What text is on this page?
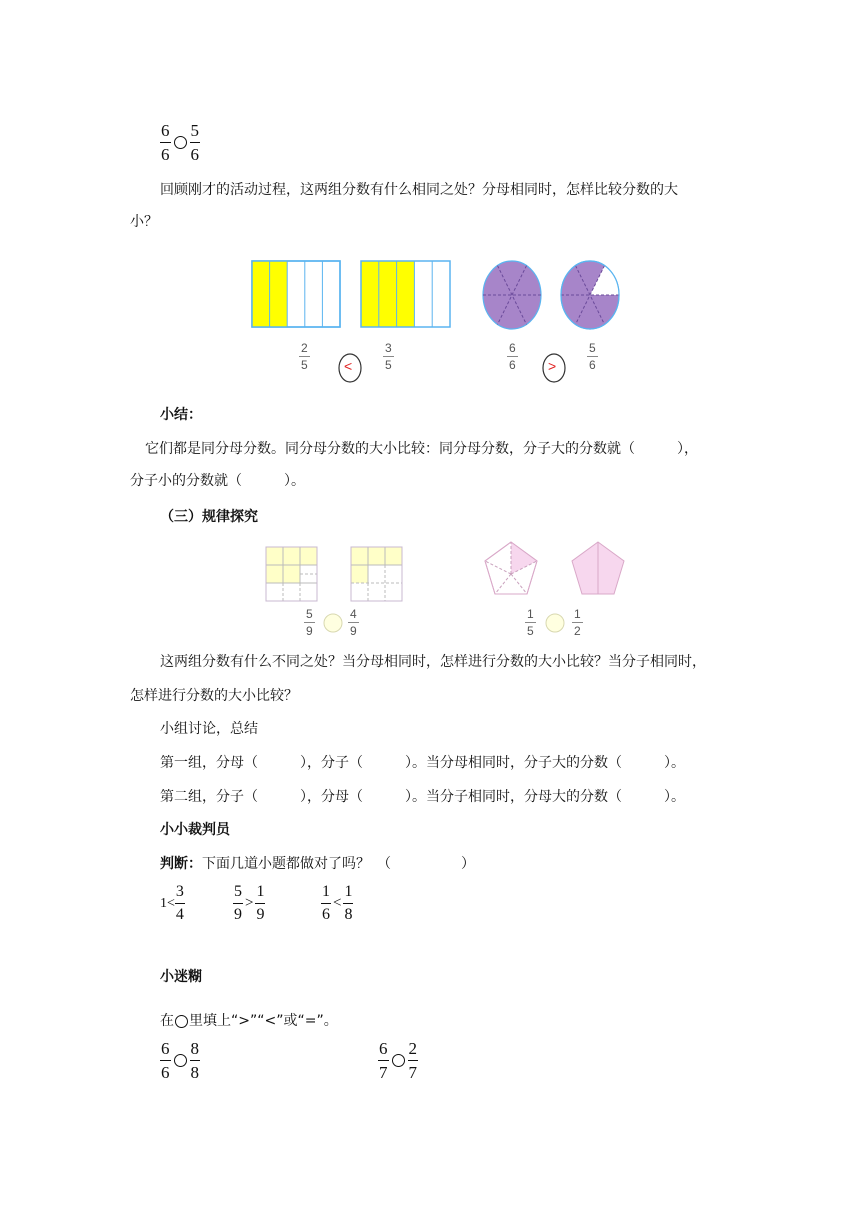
$\frac{6}{6} \frac{5}{6}$
回顾刚才的活动过程，这两组分数有什么相同之处？分母相同时，怎样比较分数的大
小？
$\frac{2}{5}$ <	$\frac{3}{5}$	$\frac{6}{6}$ >	$\frac{5}{6}$
小结：
它们都是同分母分数。同分母分数的大小比较：同分母分数，分子大的分数就（　　　），
分子小的分数就（　　　）。
（三）规律探究
$\frac{5}{9}$	$\frac{4}{9}$	$\frac{1}{5}$	$\frac{1}{2}$
这两组分数有什么不同之处？当分母相同时，怎样进行分数的大小比较？当分子相同时，
怎样进行分数的大小比较？
小组讨论，总结
第一组，分母（　　　），分子（　　　）。当分母相同时，分子大的分数（　　　）。
第二组，分子（　　　），分母（　　　）。当分子相同时，分母大的分数（　　　）。
小小裁判员
判断：下面几道小题都做对了吗？　（　　　　　）
$1< \frac{3}{4}$	$\frac{5}{9} > \frac{1}{9}$	$\frac{1}{6} < \frac{1}{8}$
小迷糊
在 里填上“>”“<”或“=”。
$\frac{6}{6} \frac{8}{8}$	$\frac{6}{7} \frac{2}{7}$
